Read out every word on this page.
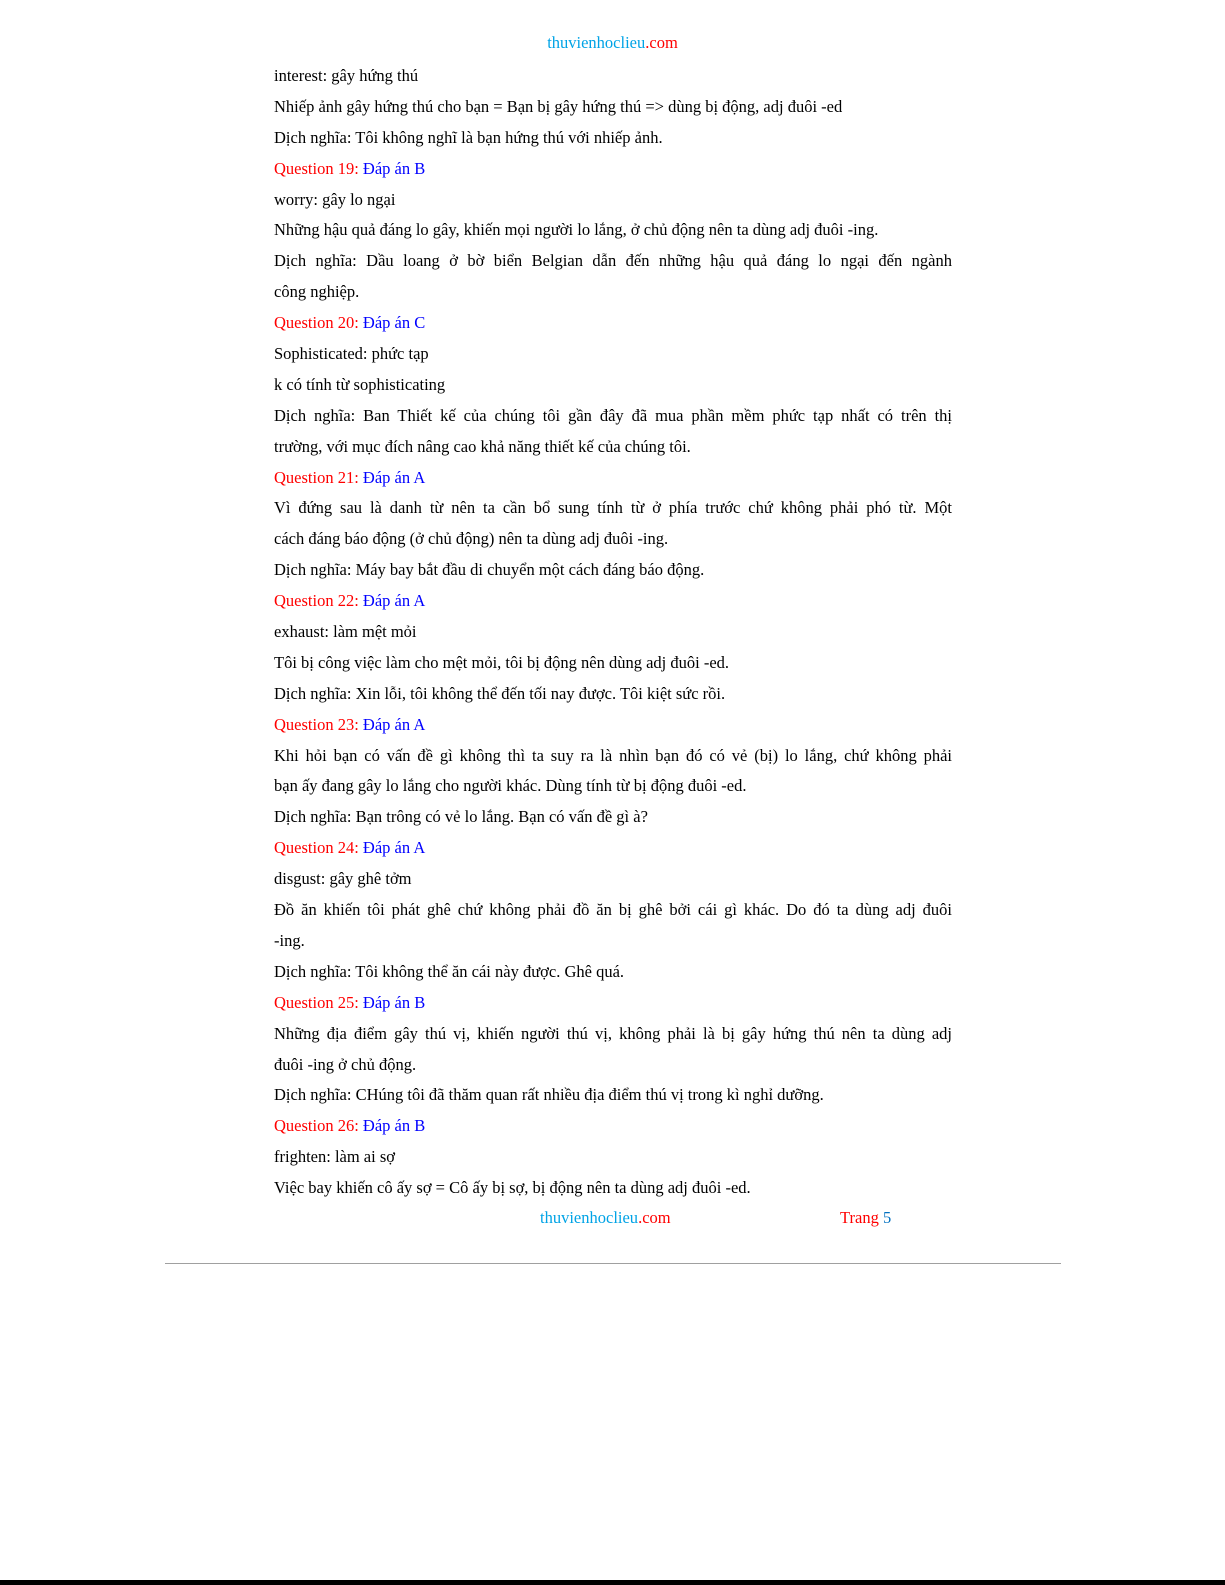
thuvienhoclieu.com
interest: gây hứng thú
Nhiếp ảnh gây hứng thú cho bạn = Bạn bị gây hứng thú => dùng bị động, adj đuôi -ed
Dịch nghĩa: Tôi không nghĩ là bạn hứng thú với nhiếp ảnh.
Question 19: Đáp án B
worry: gây lo ngại
Những hậu quả đáng lo gây, khiến mọi người lo lắng, ở chủ động nên ta dùng adj đuôi -ing.
Dịch nghĩa: Dầu loang ở bờ biển Belgian dẫn đến những hậu quả đáng lo ngại đến ngành
công nghiệp.
Question 20: Đáp án C
Sophisticated: phức tạp
k có tính từ sophisticating
Dịch nghĩa: Ban Thiết kế của chúng tôi gần đây đã mua phần mềm phức tạp nhất có trên thị
trường, với mục đích nâng cao khả năng thiết kế của chúng tôi.
Question 21: Đáp án A
Vì đứng sau là danh từ nên ta cần bổ sung tính từ ở phía trước chứ không phải phó từ. Một
cách đáng báo động (ở chủ động) nên ta dùng adj đuôi -ing.
Dịch nghĩa: Máy bay bắt đầu di chuyển một cách đáng báo động.
Question 22: Đáp án A
exhaust: làm mệt mỏi
Tôi bị công việc làm cho mệt mỏi, tôi bị động nên dùng adj đuôi -ed.
Dịch nghĩa: Xin lỗi, tôi không thể đến tối nay được. Tôi kiệt sức rồi.
Question 23: Đáp án A
Khi hỏi bạn có vấn đề gì không thì ta suy ra là nhìn bạn đó có vẻ (bị) lo lắng, chứ không phải
bạn ấy đang gây lo lắng cho người khác. Dùng tính từ bị động đuôi -ed.
Dịch nghĩa: Bạn trông có vẻ lo lắng. Bạn có vấn đề gì à?
Question 24: Đáp án A
disgust: gây ghê tởm
Đồ ăn khiến tôi phát ghê chứ không phải đồ ăn bị ghê bởi cái gì khác. Do đó ta dùng adj đuôi
-ing.
Dịch nghĩa: Tôi không thể ăn cái này được. Ghê quá.
Question 25: Đáp án B
Những địa điểm gây thú vị, khiến người thú vị, không phải là bị gây hứng thú nên ta dùng adj
đuôi -ing ở chủ động.
Dịch nghĩa: CHúng tôi đã thăm quan rất nhiều địa điểm thú vị trong kì nghỉ dưỡng.
Question 26: Đáp án B
frighten: làm ai sợ
Việc bay khiến cô ấy sợ = Cô ấy bị sợ, bị động nên ta dùng adj đuôi -ed.
thuvienhoclieu.com	Trang 5
